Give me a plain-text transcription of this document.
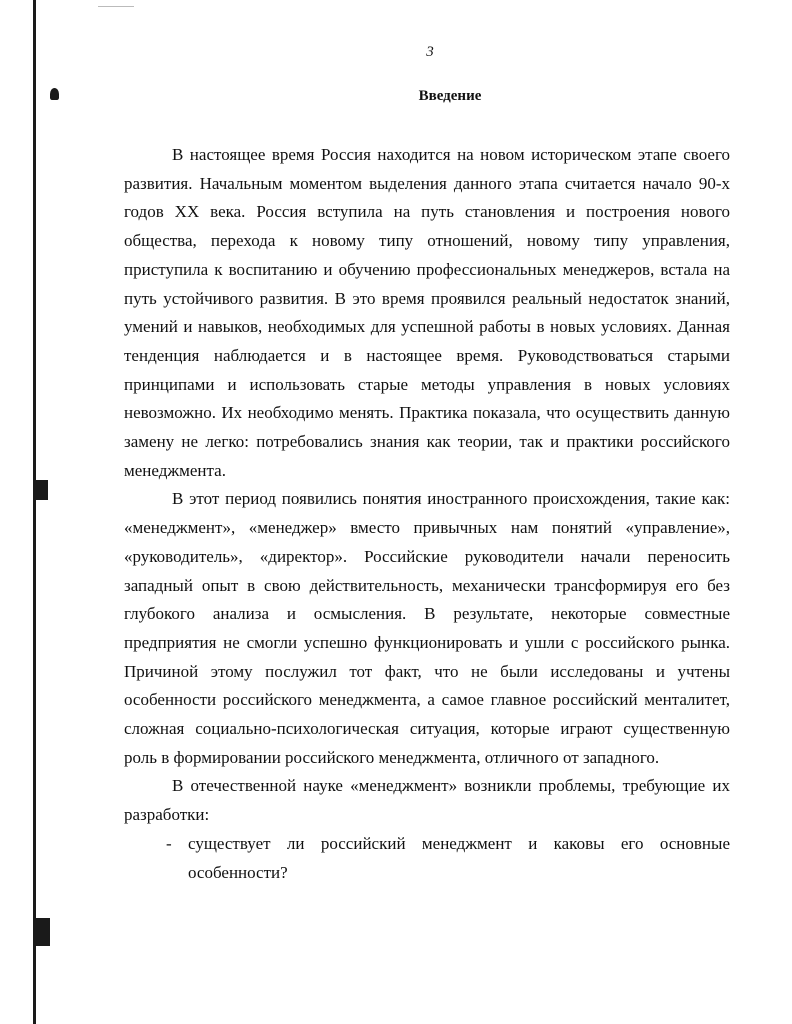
3
Введение

В настоящее время Россия находится на новом историческом этапе своего развития. Начальным моментом выделения данного этапа считается начало 90-х годов XX века. Россия вступила на путь становления и построения нового общества, перехода к новому типу отношений, новому типу управления, приступила к воспитанию и обучению профессиональных менеджеров, встала на путь устойчивого развития. В это время проявился реальный недостаток знаний, умений и навыков, необходимых для успешной работы в новых условиях. Данная тенденция наблюдается и в настоящее время. Руководствоваться старыми принципами и использовать старые методы управления в новых условиях невозможно. Их необходимо менять. Практика показала, что осуществить данную замену не легко: потребовались знания как теории, так и практики российского менеджмента.

В этот период появились понятия иностранного происхождения, такие как: «менеджмент», «менеджер» вместо привычных нам понятий «управление», «руководитель», «директор». Российские руководители начали переносить западный опыт в свою действительность, механически трансформируя его без глубокого анализа и осмысления. В результате, некоторые совместные предприятия не смогли успешно функционировать и ушли с российского рынка. Причиной этому послужил тот факт, что не были исследованы и учтены особенности российского менеджмента, а самое главное российский менталитет, сложная социально-психологическая ситуация, которые играют существенную роль в формировании российского менеджмента, отличного от западного.

В отечественной науке «менеджмент» возникли проблемы, требующие их разработки:

- существует ли российский менеджмент и каковы его основные особенности?
